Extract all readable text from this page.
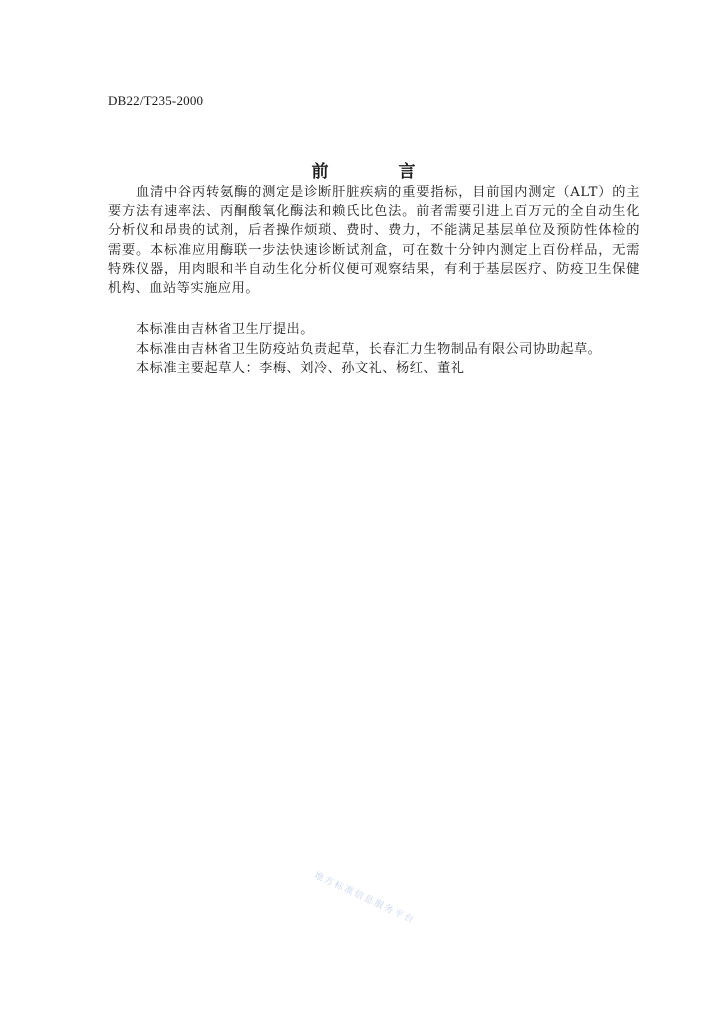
DB22/T235-2000
前	言

血清中谷丙转氨酶的测定是诊断肝脏疾病的重要指标，目前国内测定（ALT）的主要方法有速率法、丙酮酸氧化酶法和赖氏比色法。前者需要引进上百万元的全自动生化分析仪和昂贵的试剂，后者操作烦琐、费时、费力，不能满足基层单位及预防性体检的需要。本标准应用酶联一步法快速诊断试剂盒，可在数十分钟内测定上百份样品，无需特殊仪器，用肉眼和半自动生化分析仪便可观察结果，有利于基层医疗、防疫卫生保健机构、血站等实施应用。

本标准由吉林省卫生厅提出。
本标准由吉林省卫生防疫站负责起草，长春汇力生物制品有限公司协助起草。
本标准主要起草人：李梅、刘冷、孙文礼、杨红、董礼
地方标准信息服务平台
